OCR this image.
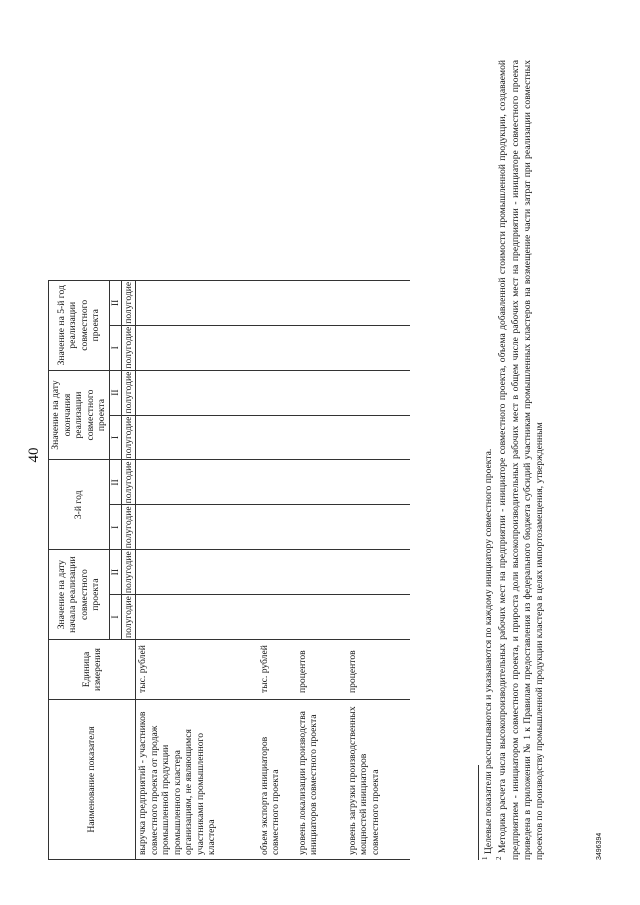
40
Наименование показателя	Единица измерения	Значение на дату начала реализации совместного проекта		3-й год		Значение на дату окончания реализации совместного проекта		Значение на 5-й год реализации совместного проекта	
		I	II	I	II	I	II	I	II
		полугодие	полугодие	полугодие	полугодие	полугодие	полугодие	полугодие	полугодие
выручка предприятий - участников совместного проекта от продаж промышленной продукции промышленного кластера организациям, не являющимся участниками промышленного кластера	тыс. рублей								
объем экспорта инициаторов совместного проекта	тыс. рублей								
уровень локализации производства инициаторов совместного проекта	процентов								
уровень загрузки производственных мощностей инициаторов совместного проекта	процентов								

$^1$ Целевые показатели рассчитываются и указываются по каждому инициатору совместного проекта.

$^2$ Методика расчета числа высокопроизводительных рабочих мест на предприятии - инициаторе совместного проекта, объема добавленной стоимости промышленной продукции, создаваемой предприятием - инициатором совместного проекта, и прироста доли высокопроизводительных рабочих мест в общем числе рабочих мест на предприятии - инициаторе совместного проекта приведена в приложении № 1 к Правилам предоставления из федерального бюджета субсидий участникам промышленных кластеров на возмещение части затрат при реализации совместных проектов по производству промышленной продукции кластера в целях импортозамещения, утвержденным	3496394
